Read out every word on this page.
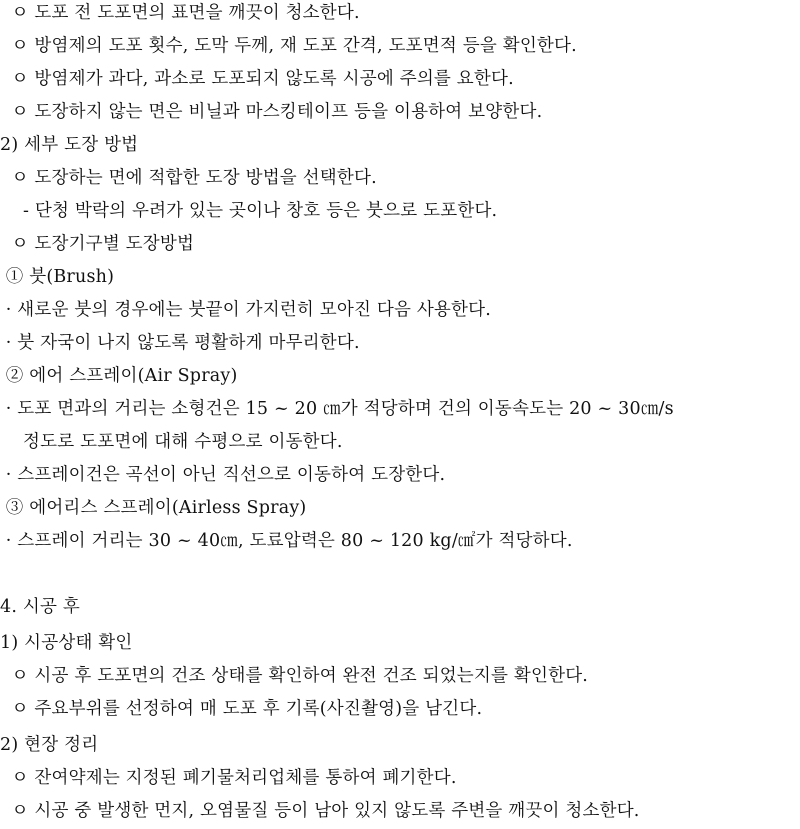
ㅇ 도포 전 도포면의 표면을 깨끗이 청소한다.
ㅇ 방염제의 도포 횟수, 도막 두께, 재 도포 간격, 도포면적 등을 확인한다.
ㅇ 방염제가 과다, 과소로 도포되지 않도록 시공에 주의를 요한다.
ㅇ 도장하지 않는 면은 비닐과 마스킹테이프 등을 이용하여 보양한다.
2) 세부 도장 방법
ㅇ 도장하는 면에 적합한 도장 방법을 선택한다.
- 단청 박락의 우려가 있는 곳이나 창호 등은 붓으로 도포한다.
ㅇ 도장기구별 도장방법
① 붓(Brush)
· 새로운 붓의 경우에는 붓끝이 가지런히 모아진 다음 사용한다.
· 붓 자국이 나지 않도록 평활하게 마무리한다.
② 에어 스프레이(Air Spray)
· 도포 면과의 거리는 소형건은 15 ~ 20 ㎝가 적당하며 건의 이동속도는 20 ~ 30㎝/s
정도로 도포면에 대해 수평으로 이동한다.
· 스프레이건은 곡선이 아닌 직선으로 이동하여 도장한다.
③ 에어리스 스프레이(Airless Spray)
· 스프레이 거리는 30 ~ 40㎝, 도료압력은 80 ~ 120 kg/㎠가 적당하다.
4. 시공 후
1) 시공상태 확인
ㅇ 시공 후 도포면의 건조 상태를 확인하여 완전 건조 되었는지를 확인한다.
ㅇ 주요부위를 선정하여 매 도포 후 기록(사진촬영)을 남긴다.
2) 현장 정리
ㅇ 잔여약제는 지정된 폐기물처리업체를 통하여 폐기한다.
ㅇ 시공 중 발생한 먼지, 오염물질 등이 남아 있지 않도록 주변을 깨끗이 청소한다.
